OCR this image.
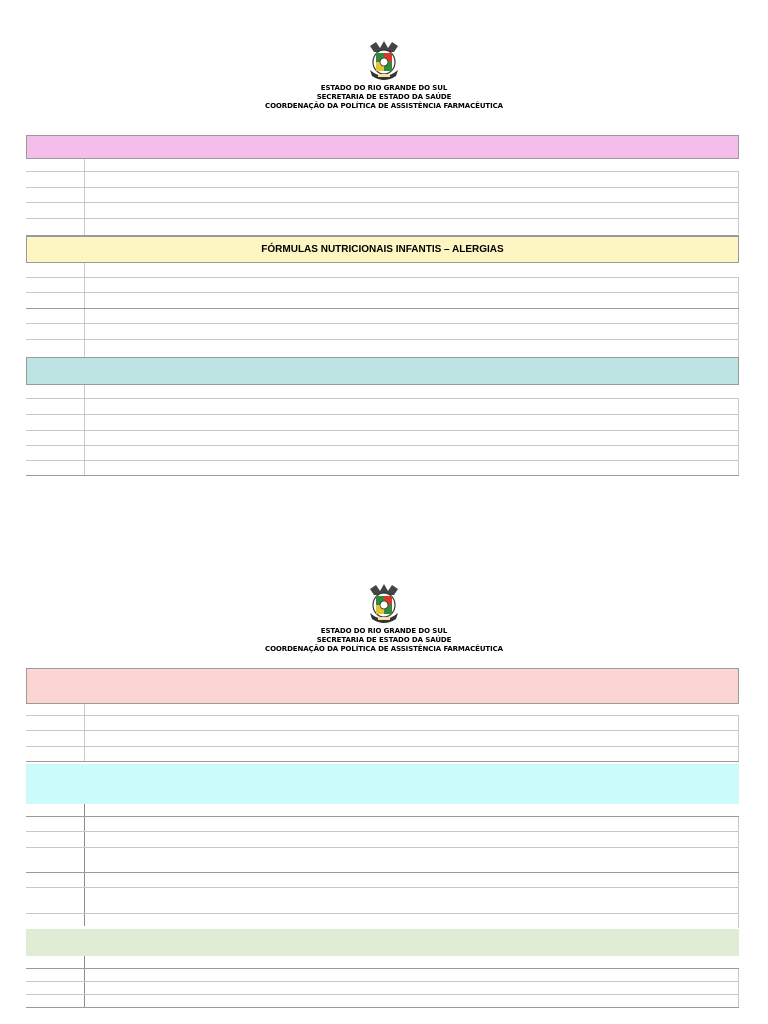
ESTADO DO RIO GRANDE DO SUL
SECRETARIA DE ESTADO DA SAÚDE
COORDENAÇÃO DA POLÍTICA DE ASSISTÊNCIA FARMACÊUTICA
FÓRMULAS NUTRICIONAIS INFANTIS – ALERGIAS
ESTADO DO RIO GRANDE DO SUL
SECRETARIA DE ESTADO DA SAÚDE
COORDENAÇÃO DA POLÍTICA DE ASSISTÊNCIA FARMACÊUTICA
